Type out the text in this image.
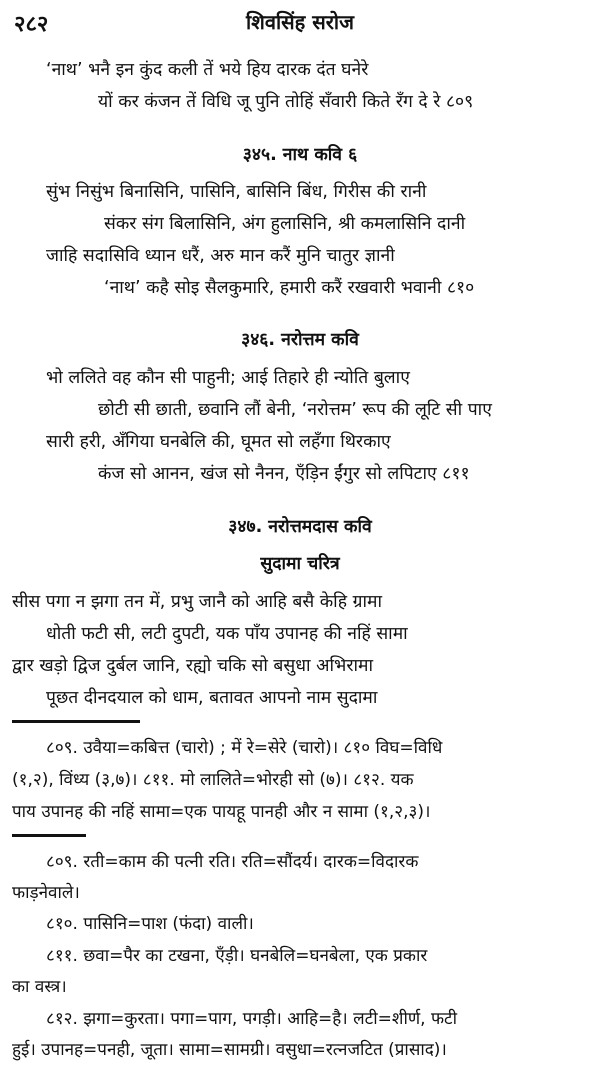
२८२	शिवसिंह सरोज
‘नाथ’ भनै इन कुंद कली तें भये हिय दारक दंत घनेरे
यों कर कंजन तें विधि जू पुनि तोहिं सँवारी किते रँग दे रे ८०९
३४५. नाथ कवि ६
सुंभ निसुंभ बिनासिनि, पासिनि, बासिनि बिंध, गिरीस की रानी
संकर संग बिलासिनि, अंग हुलासिनि, श्री कमलासिनि दानी
जाहि सदासिवि ध्यान धरैं, अरु मान करैं मुनि चातुर ज्ञानी
‘नाथ’ कहै सोइ सैलकुमारि, हमारी करैं रखवारी भवानी ८१०
३४६. नरोत्तम कवि
भो ललिते वह कौन सी पाहुनी; आई तिहारे ही न्योति बुलाए
छोटी सी छाती, छवानि लौं बेनी, ‘नरोत्तम’ रूप की लूटि सी पाए
सारी हरी, अँगिया घनबेलि की, घूमत सो लहँगा थिरकाए
कंज सो आनन, खंज सो नैनन, एँड़िन ईंगुर सो लपिटाए ८११
३४७. नरोत्तमदास कवि
सुदामा चरित्र
सीस पगा न झगा तन में, प्रभु जानै को आहि बसै केहि ग्रामा
धोती फटी सी, लटी दुपटी, यक पाँय उपानह की नहिं सामा
द्वार खड़ो द्विज दुर्बल जानि, रह्यो चकि सो बसुधा अभिरामा
पूछत दीनदयाल को धाम, बतावत आपनो नाम सुदामा
८०९. उवैया=कबित्त (चारो) ; में रे=सेरे (चारो)। ८१० विघ=विधि
(१,२), विंध्य (३,७)। ८११. मो लालिते=भोरही सो (७)। ८१२. यक
पाय उपानह की नहिं सामा=एक पायहू पानही और न सामा (१,२,३)।
८०९. रती=काम की पत्नी रति। रति=सौंदर्य। दारक=विदारक
फाड़नेवाले।
८१०. पासिनि=पाश (फंदा) वाली।
८११. छवा=पैर का टखना, एँड़ी। घनबेलि=घनबेला, एक प्रकार
का वस्त्र।
८१२. झगा=कुरता। पगा=पाग, पगड़ी। आहि=है। लटी=शीर्ण, फटी
हुई। उपानह=पनही, जूता। सामा=सामग्री। वसुधा=रत्नजटित (प्रासाद)।
